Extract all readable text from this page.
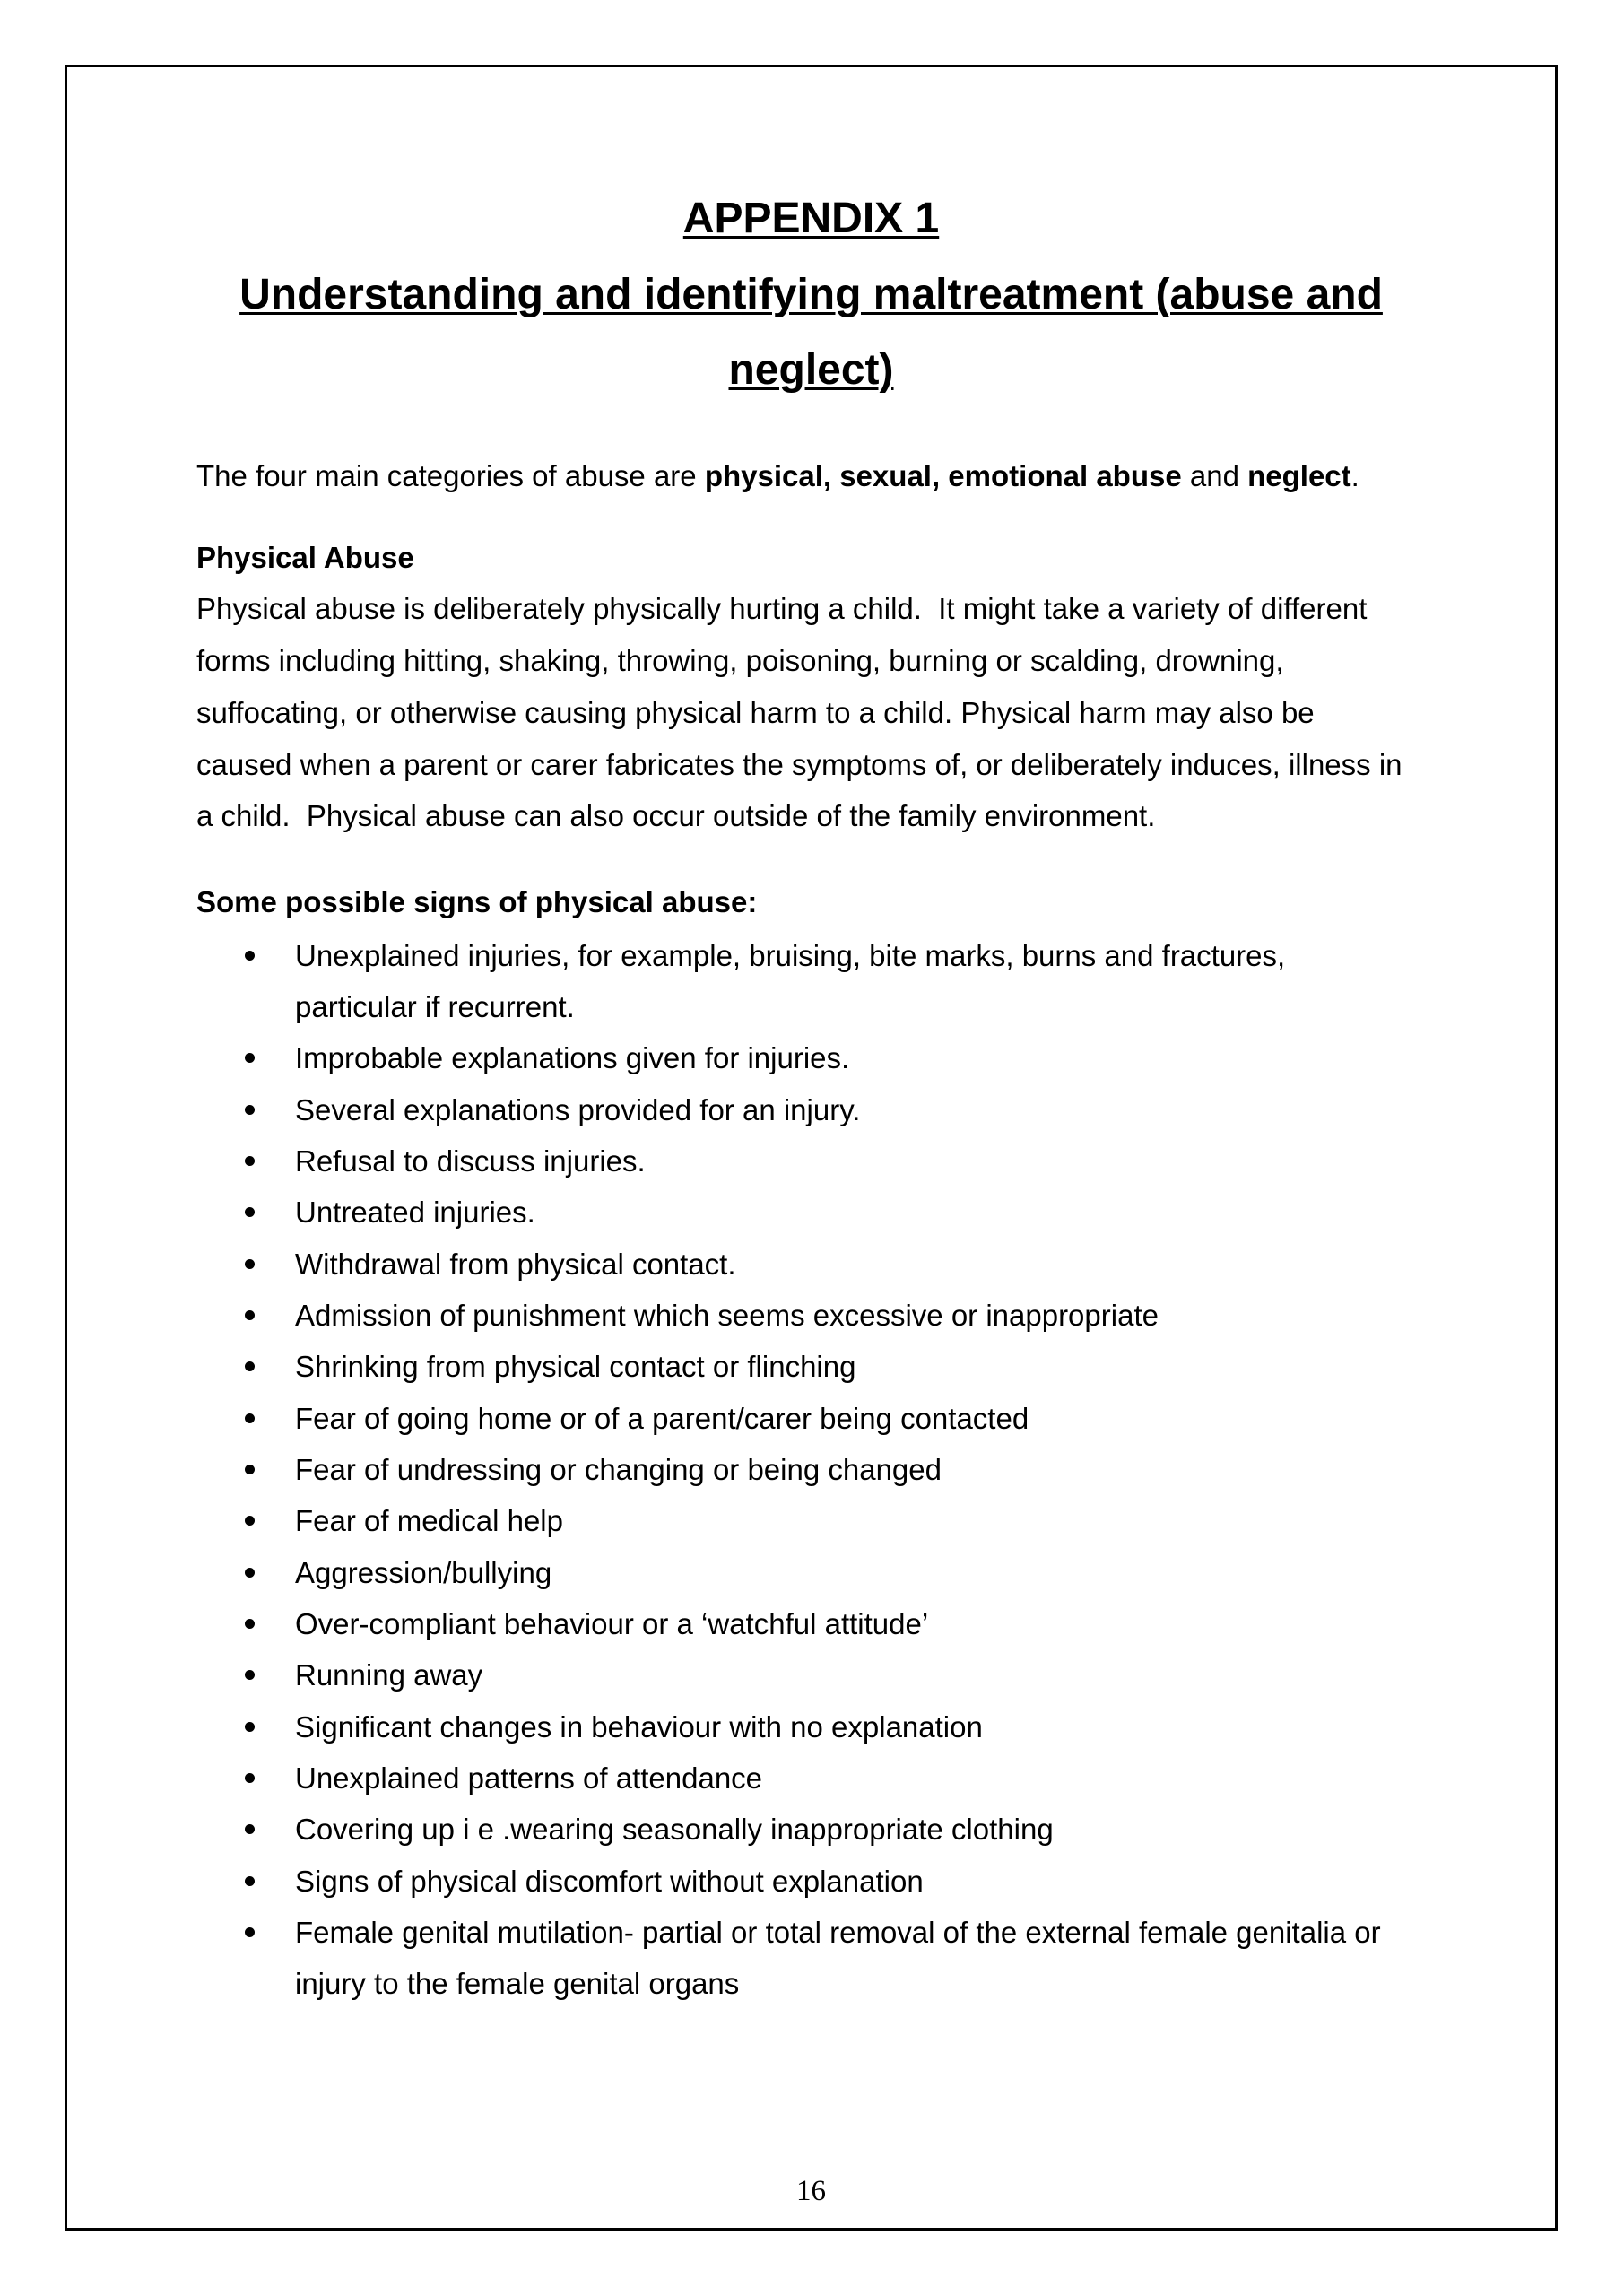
APPENDIX 1
Understanding and identifying maltreatment (abuse and
neglect)
The four main categories of abuse are physical, sexual, emotional abuse and neglect.
Physical Abuse
Physical abuse is deliberately physically hurting a child.  It might take a variety of different
forms including hitting, shaking, throwing, poisoning, burning or scalding, drowning,
suffocating, or otherwise causing physical harm to a child. Physical harm may also be
caused when a parent or carer fabricates the symptoms of, or deliberately induces, illness in
a child.  Physical abuse can also occur outside of the family environment.
Some possible signs of physical abuse:
Unexplained injuries, for example, bruising, bite marks, burns and fractures,
particular if recurrent.
Improbable explanations given for injuries.
Several explanations provided for an injury.
Refusal to discuss injuries.
Untreated injuries.
Withdrawal from physical contact.
Admission of punishment which seems excessive or inappropriate
Shrinking from physical contact or flinching
Fear of going home or of a parent/carer being contacted
Fear of undressing or changing or being changed
Fear of medical help
Aggression/bullying
Over-compliant behaviour or a ‘watchful attitude’
Running away
Significant changes in behaviour with no explanation
Unexplained patterns of attendance
Covering up i e .wearing seasonally inappropriate clothing
Signs of physical discomfort without explanation
Female genital mutilation- partial or total removal of the external female genitalia or
injury to the female genital organs
16
